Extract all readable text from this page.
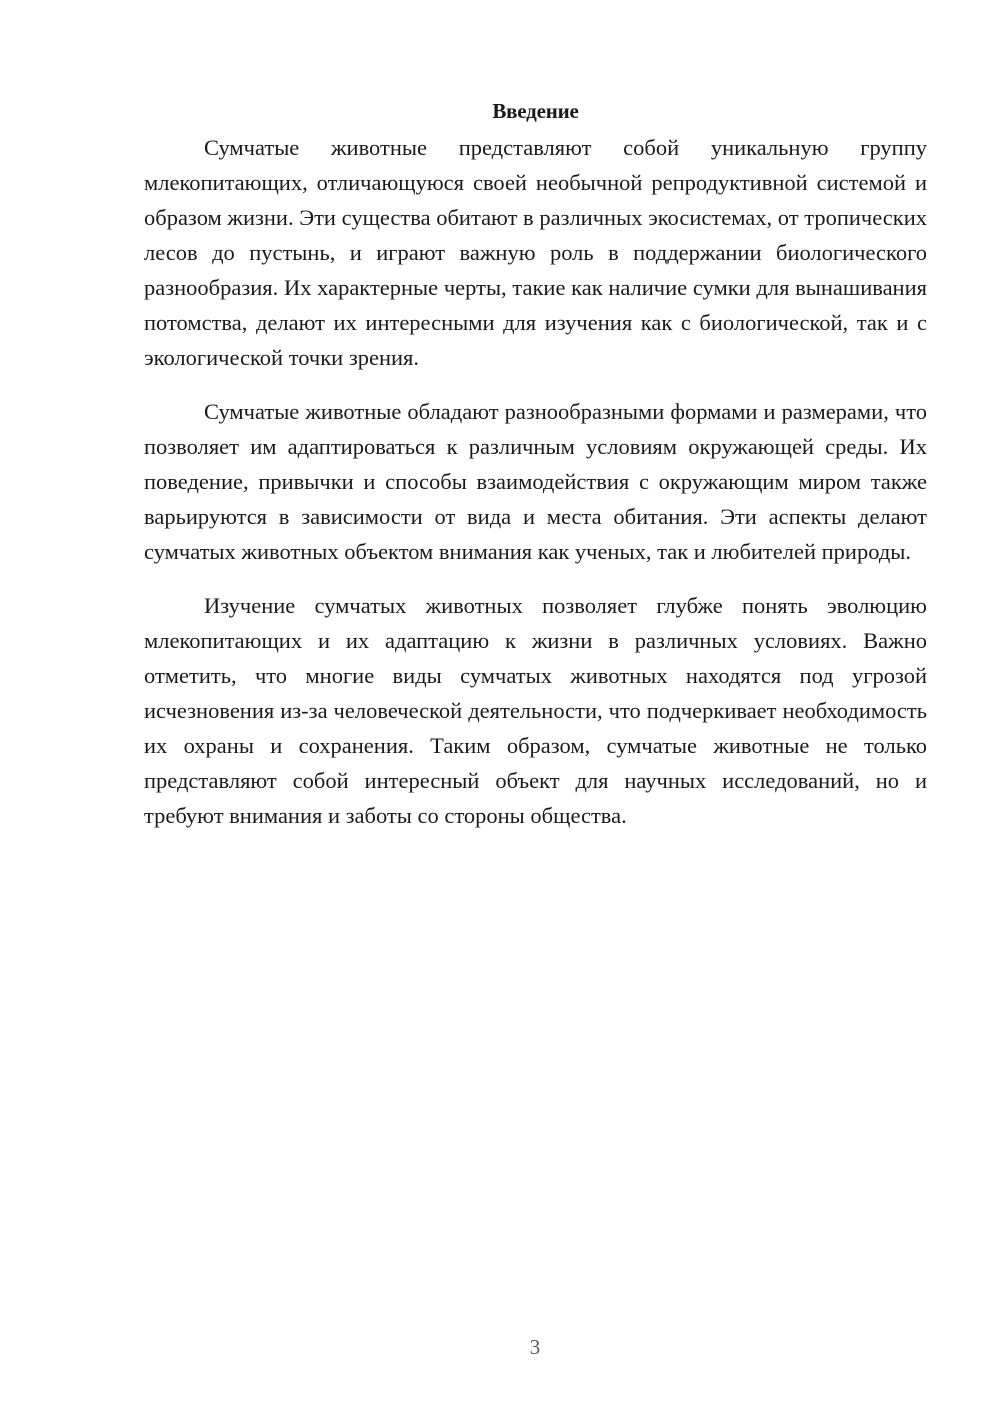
Введение

Сумчатые животные представляют собой уникальную группу млекопитающих, отличающуюся своей необычной репродуктивной системой и образом жизни. Эти существа обитают в различных экосистемах, от тропических лесов до пустынь, и играют важную роль в поддержании биологического разнообразия. Их характерные черты, такие как наличие сумки для вынашивания потомства, делают их интересными для изучения как с биологической, так и с экологической точки зрения.

Сумчатые животные обладают разнообразными формами и размерами, что позволяет им адаптироваться к различным условиям окружающей среды. Их поведение, привычки и способы взаимодействия с окружающим миром также варьируются в зависимости от вида и места обитания. Эти аспекты делают сумчатых животных объектом внимания как ученых, так и любителей природы.

Изучение сумчатых животных позволяет глубже понять эволюцию млекопитающих и их адаптацию к жизни в различных условиях. Важно отметить, что многие виды сумчатых животных находятся под угрозой исчезновения из-за человеческой деятельности, что подчеркивает необходимость их охраны и сохранения. Таким образом, сумчатые животные не только представляют собой интересный объект для научных исследований, но и требуют внимания и заботы со стороны общества.

3
